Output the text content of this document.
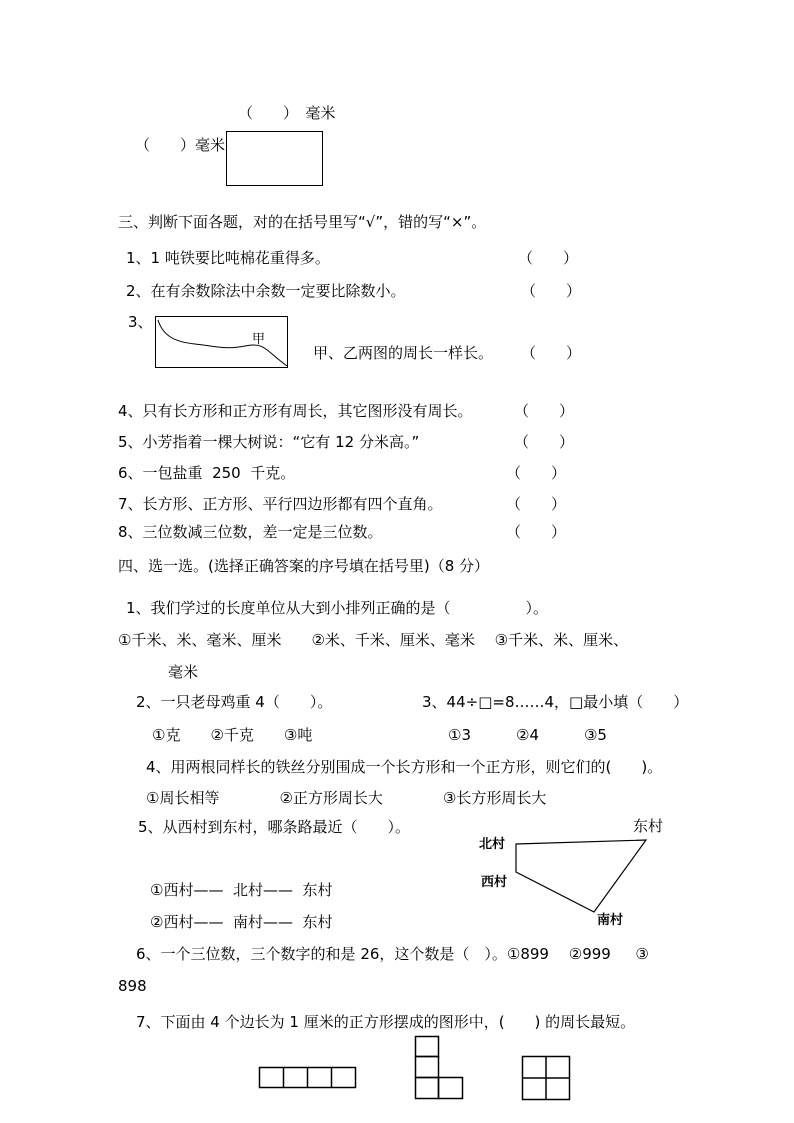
（　　）　毫米
（　　）毫米
三、判断下面各题，对的在括号里写“√”，错的写“×”。
1、1 吨铁要比吨棉花重得多。	（　　）
2、在有余数除法中余数一定要比除数小。	（　　）
3、
甲
甲、乙两图的周长一样长。 （　　）
4、只有长方形和正方形有周长，其它图形没有周长。	（　　）
5、小芳指着一棵大树说：“它有 12 分米高。”	（　　）
6、一包盐重  250  千克。	（　　）
7、长方形、正方形、平行四边形都有四个直角。	（　　）
8、三位数减三位数，差一定是三位数。	（　　）
四、选一选。(选择正确答案的序号填在括号里)（8 分）
1、我们学过的长度单位从大到小排列正确的是（　　　　　）。
①千米、米、毫米、厘米　　②米、千米、厘米、毫米　 ③千米、米、厘米、
毫米
2、一只老母鸡重 4（　　）。	3、44÷□=8……4，□最小填（　　）
①克　　②千克　　③吨	①3　　　②4　　　③5
4、用两根同样长的铁丝分别围成一个长方形和一个正方形，则它们的(　　)。
①周长相等　　　　②正方形周长大　　　　③长方形周长大
5、从西村到东村，哪条路最近（　　）。
①西村——  北村——  东村
②西村——  南村——  东村
东村
北村
西村
南村
6、一个三位数，三个数字的和是 26，这个数是（　）。①899　 ②999　  ③
898
7、下面由 4 个边长为 1 厘米的正方形摆成的图形中，(　　) 的周长最短。
